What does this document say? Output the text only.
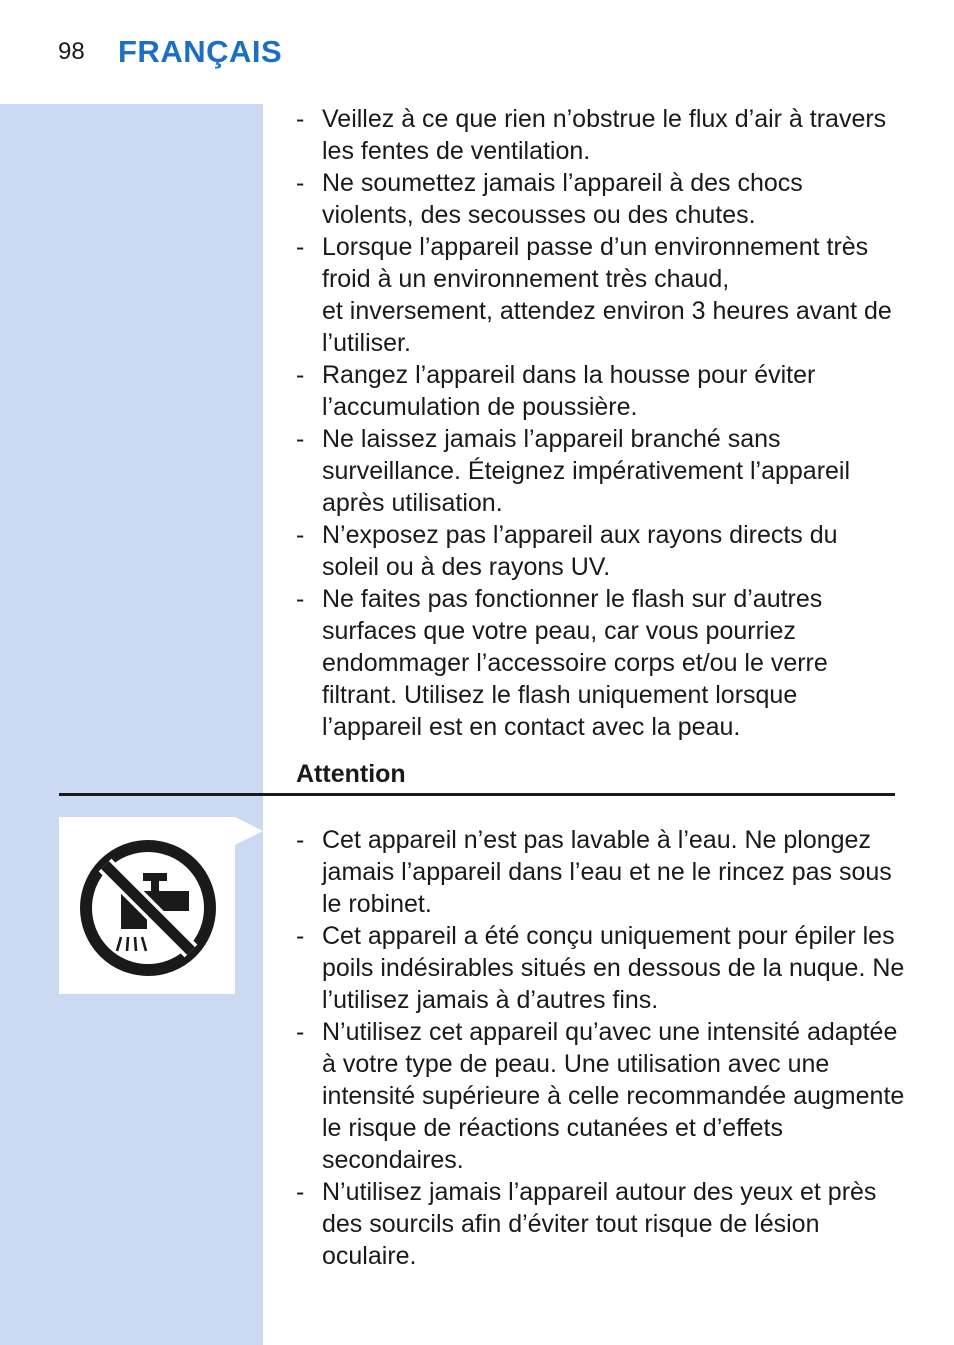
98 FRANÇAIS
- Veillez à ce que rien n’obstrue le flux d’air à travers les fentes de ventilation.
- Ne soumettez jamais l’appareil à des chocs violents, des secousses ou des chutes.
- Lorsque l’appareil passe d’un environnement très froid à un environnement très chaud,
et inversement, attendez environ 3 heures avant de l’utiliser.
- Rangez l’appareil dans la housse pour éviter l’accumulation de poussière.
- Ne laissez jamais l’appareil branché sans surveillance. Éteignez impérativement l’appareil après utilisation.
- N’exposez pas l’appareil aux rayons directs du soleil ou à des rayons UV.
- Ne faites pas fonctionner le flash sur d’autres surfaces que votre peau, car vous pourriez endommager l’accessoire corps et/ou le verre filtrant. Utilisez le flash uniquement lorsque l’appareil est en contact avec la peau.
Attention
- Cet appareil n’est pas lavable à l’eau. Ne plongez jamais l’appareil dans l’eau et ne le rincez pas sous le robinet.
- Cet appareil a été conçu uniquement pour épiler les poils indésirables situés en dessous de la nuque. Ne l’utilisez jamais à d’autres fins.
- N’utilisez cet appareil qu’avec une intensité adaptée à votre type de peau. Une utilisation avec une intensité supérieure à celle recommandée augmente le risque de réactions cutanées et d’effets secondaires.
- N’utilisez jamais l’appareil autour des yeux et près des sourcils afin d’éviter tout risque de lésion oculaire.
